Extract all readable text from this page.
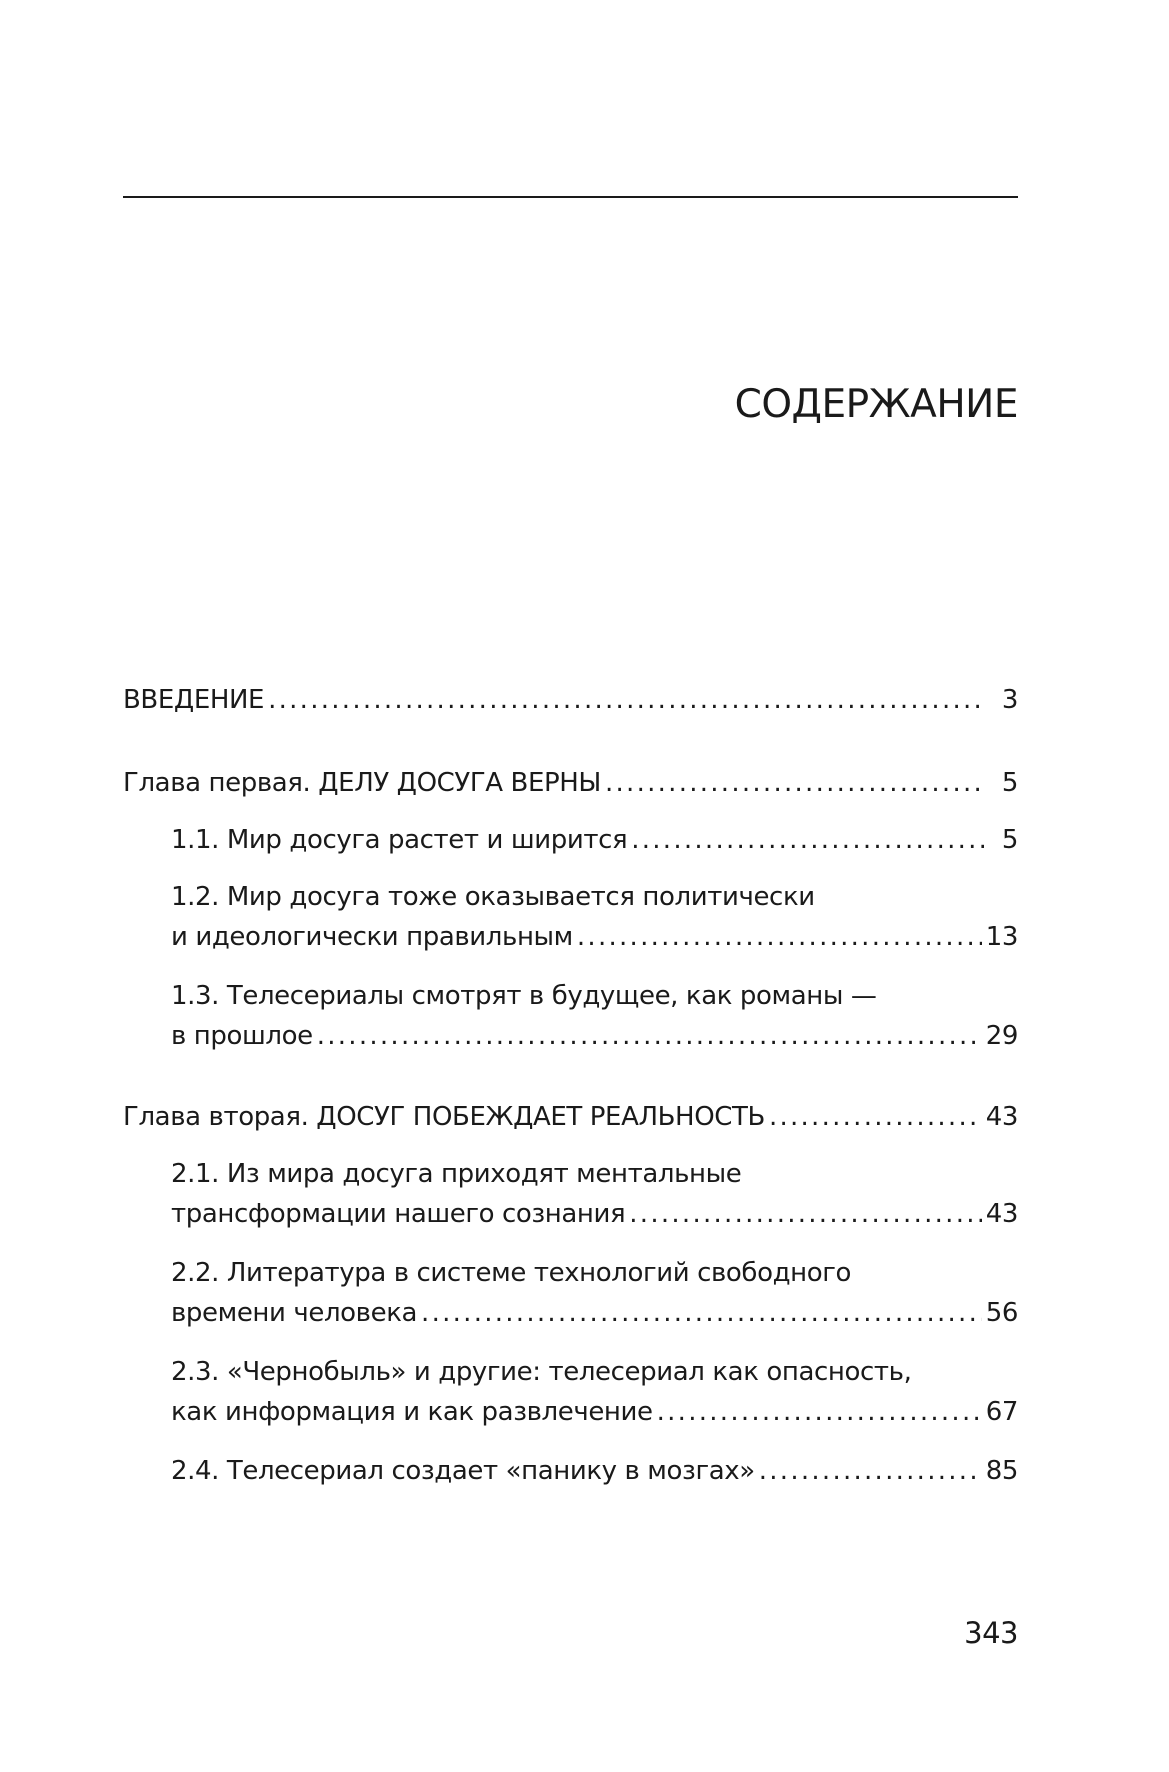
СОДЕРЖАНИЕ
ВВЕДЕНИЕ . . .	3
Глава первая. ДЕЛУ ДОСУГА ВЕРНЫ . . .	5
1.1. Мир досуга растет и ширится . . .	5
1.2. Мир досуга тоже оказывается политически
и идеологически правильным . . .	13
1.3. Телесериалы смотрят в будущее, как романы —
в прошлое . . .	29
Глава вторая. ДОСУГ ПОБЕЖДАЕТ РЕАЛЬНОСТЬ . . .	43
2.1. Из мира досуга приходят ментальные
трансформации нашего сознания . . .	43
2.2. Литература в системе технологий свободного
времени человека . . .	56
2.3. «Чернобыль» и другие: телесериал как опасность,
как информация и как развлечение . . .	67
2.4. Телесериал создает «панику в мозгах» . . .	85
343
